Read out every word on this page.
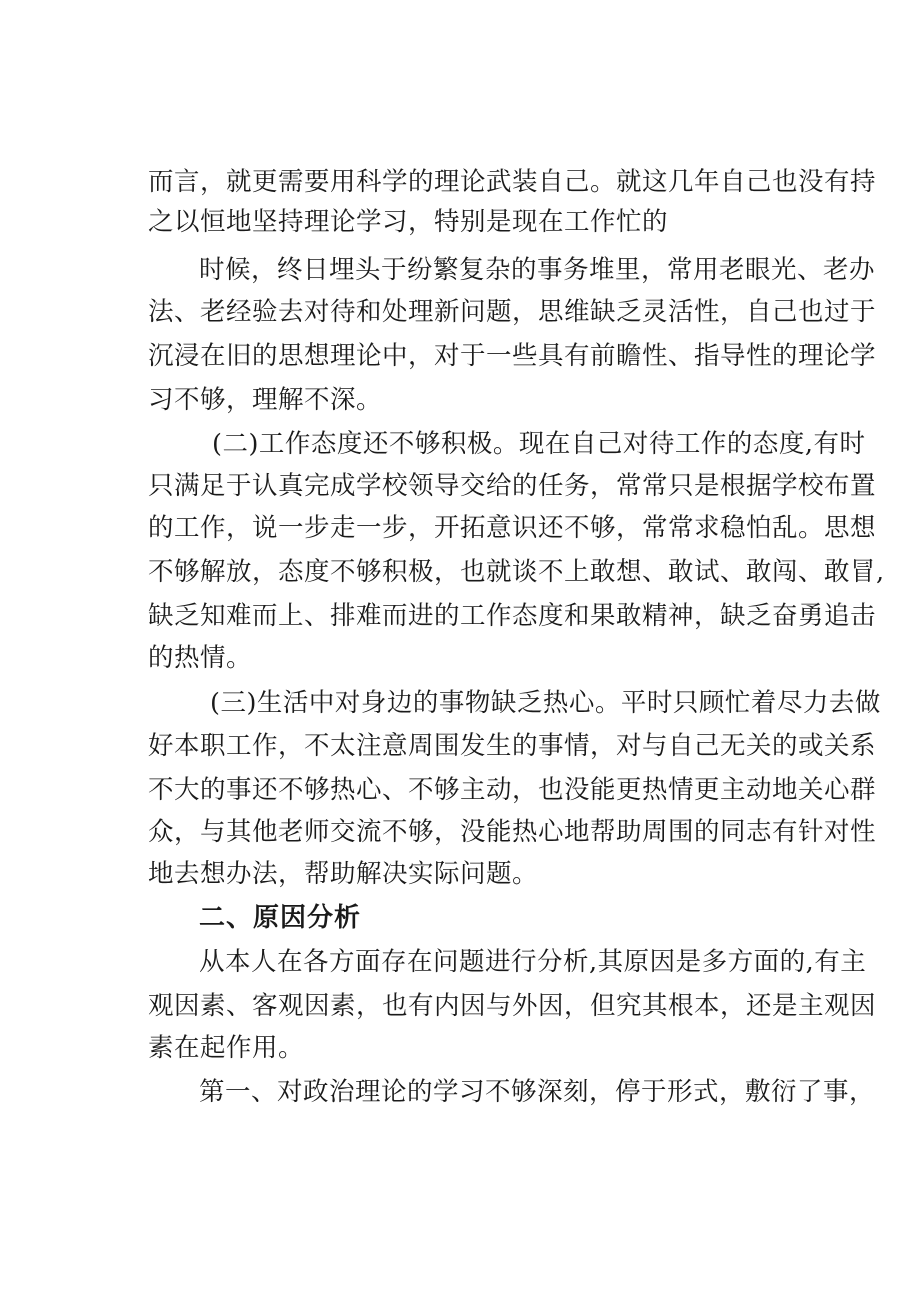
而言，就更需要用科学的理论武装自己。就这几年自己也没有持
之以恒地坚持理论学习，特别是现在工作忙的
时候，终日埋头于纷繁复杂的事务堆里，常用老眼光、老办
法、老经验去对待和处理新问题，思维缺乏灵活性，自己也过于
沉浸在旧的思想理论中，对于一些具有前瞻性、指导性的理论学
习不够，理解不深。
(二)工作态度还不够积极。现在自己对待工作的态度,有时
只满足于认真完成学校领导交给的任务，常常只是根据学校布置
的工作，说一步走一步，开拓意识还不够，常常求稳怕乱。思想
不够解放，态度不够积极，也就谈不上敢想、敢试、敢闯、敢冒,
缺乏知难而上、排难而进的工作态度和果敢精神，缺乏奋勇追击
的热情。
(三)生活中对身边的事物缺乏热心。平时只顾忙着尽力去做
好本职工作，不太注意周围发生的事情，对与自己无关的或关系
不大的事还不够热心、不够主动，也没能更热情更主动地关心群
众，与其他老师交流不够，没能热心地帮助周围的同志有针对性
地去想办法，帮助解决实际问题。
二、原因分析
从本人在各方面存在问题进行分析,其原因是多方面的,有主
观因素、客观因素，也有内因与外因，但究其根本，还是主观因
素在起作用。
第一、对政治理论的学习不够深刻，停于形式，敷衍了事，
